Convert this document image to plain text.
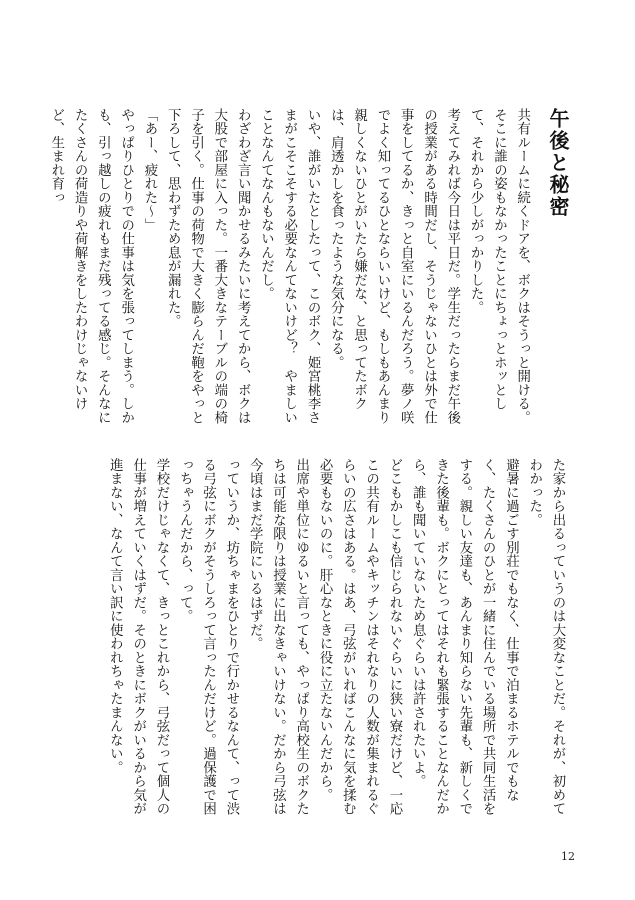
午後と秘密

共有ルームに続くドアを、ボクはそうっと開ける。そこに誰の姿もなかったことにちょっとホッとして、それから少しがっかりした。

考えてみれば今日は平日だ。学生だったらまだ午後の授業がある時間だし、そうじゃないひとは外で仕事をしてるか、きっと自室にいるんだろう。夢ノ咲でよく知ってるひとならいいけど、もしもあんまり親しくないひとがいたら嫌だな、と思ってたボクは、肩透かしを食ったような気分になる。

いや、誰がいたとしたって、このボク、姫宮桃李さまがこそこそする必要なんてないけど？　やましいことなんてなんもないんだし。

わざわざ言い聞かせるみたいに考えてから、ボクは大股で部屋に入った。一番大きなテーブルの端の椅子を引く。仕事の荷物で大きく膨らんだ鞄をやっと下ろして、思わずため息が漏れた。

「あー、疲れた〜」

やっぱりひとりでの仕事は気を張ってしまう。しかも、引っ越しの疲れもまだ残ってる感じ。そんなにたくさんの荷造りや荷解きをしたわけじゃないけど、生まれ育っ

た家から出るっていうのは大変なことだ。それが、初めてわかった。

避暑に過ごす別荘でもなく、仕事で泊まるホテルでもなく、たくさんのひとが一緒に住んでいる場所で共同生活をする。親しい友達も、あんまり知らない先輩も、新しくできた後輩も。ボクにとってはそれも緊張することなんだから、誰も聞いていないため息ぐらいは許されたいよ。

どこもかしこも信じられないぐらいに狭い寮だけど、一応この共有ルームやキッチンはそれなりの人数が集まれるぐらいの広さはある。はあ、弓弦がいればこんなに気を揉む必要もないのに。肝心なときに役に立たないんだから。

出席や単位にゆるいと言っても、やっぱり高校生のボクたちは可能な限りは授業に出なきゃいけない。だから弓弦は今頃はまだ学院にいるはずだ。

っていうか、坊ちゃまをひとりで行かせるなんて、って渋る弓弦にボクがそうしろって言ったんだけど。過保護で困っちゃうんだから、って。

学校だけじゃなくて、きっとこれから、弓弦だって個人の仕事が増えていくはずだ。そのときにボクがいるから気が進まない、なんて言い訳に使われちゃたまんない。

12
